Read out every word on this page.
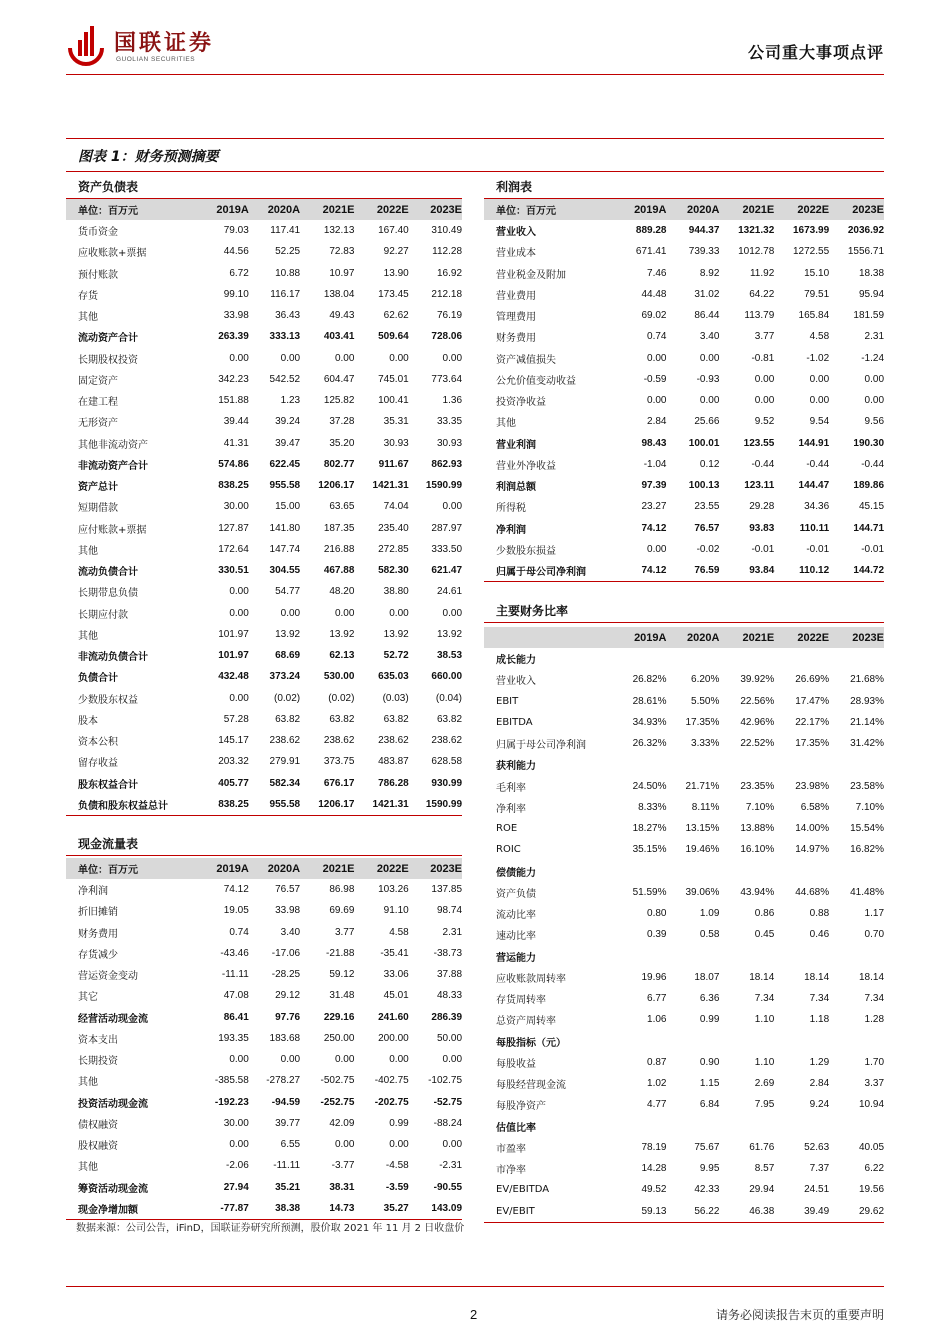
国联证券
GUOLIAN SECURITIES	公司重大事项点评
图表 1：财务预测摘要
资产负债表
单位：百万元	2019A	2020A	2021E	2022E	2023E
货币资金	79.03	117.41	132.13	167.40	310.49
应收账款+票据	44.56	52.25	72.83	92.27	112.28
预付账款	6.72	10.88	10.97	13.90	16.92
存货	99.10	116.17	138.04	173.45	212.18
其他	33.98	36.43	49.43	62.62	76.19
流动资产合计	263.39	333.13	403.41	509.64	728.06
长期股权投资	0.00	0.00	0.00	0.00	0.00
固定资产	342.23	542.52	604.47	745.01	773.64
在建工程	151.88	1.23	125.82	100.41	1.36
无形资产	39.44	39.24	37.28	35.31	33.35
其他非流动资产	41.31	39.47	35.20	30.93	30.93
非流动资产合计	574.86	622.45	802.77	911.67	862.93
资产总计	838.25	955.58	1206.17	1421.31	1590.99
短期借款	30.00	15.00	63.65	74.04	0.00
应付账款+票据	127.87	141.80	187.35	235.40	287.97
其他	172.64	147.74	216.88	272.85	333.50
流动负债合计	330.51	304.55	467.88	582.30	621.47
长期带息负债	0.00	54.77	48.20	38.80	24.61
长期应付款	0.00	0.00	0.00	0.00	0.00
其他	101.97	13.92	13.92	13.92	13.92
非流动负债合计	101.97	68.69	62.13	52.72	38.53
负债合计	432.48	373.24	530.00	635.03	660.00
少数股东权益	0.00	(0.02)	(0.02)	(0.03)	(0.04)
股本	57.28	63.82	63.82	63.82	63.82
资本公积	145.17	238.62	238.62	238.62	238.62
留存收益	203.32	279.91	373.75	483.87	628.58
股东权益合计	405.77	582.34	676.17	786.28	930.99
负债和股东权益总计	838.25	955.58	1206.17	1421.31	1590.99
现金流量表
单位：百万元	2019A	2020A	2021E	2022E	2023E
净利润	74.12	76.57	86.98	103.26	137.85
折旧摊销	19.05	33.98	69.69	91.10	98.74
财务费用	0.74	3.40	3.77	4.58	2.31
存货减少	-43.46	-17.06	-21.88	-35.41	-38.73
营运资金变动	-11.11	-28.25	59.12	33.06	37.88
其它	47.08	29.12	31.48	45.01	48.33
经营活动现金流	86.41	97.76	229.16	241.60	286.39
资本支出	193.35	183.68	250.00	200.00	50.00
长期投资	0.00	0.00	0.00	0.00	0.00
其他	-385.58	-278.27	-502.75	-402.75	-102.75
投资活动现金流	-192.23	-94.59	-252.75	-202.75	-52.75
债权融资	30.00	39.77	42.09	0.99	-88.24
股权融资	0.00	6.55	0.00	0.00	0.00
其他	-2.06	-11.11	-3.77	-4.58	-2.31
筹资活动现金流	27.94	35.21	38.31	-3.59	-90.55
现金净增加额	-77.87	38.38	14.73	35.27	143.09
利润表
单位：百万元	2019A	2020A	2021E	2022E	2023E
营业收入	889.28	944.37	1321.32	1673.99	2036.92
营业成本	671.41	739.33	1012.78	1272.55	1556.71
营业税金及附加	7.46	8.92	11.92	15.10	18.38
营业费用	44.48	31.02	64.22	79.51	95.94
管理费用	69.02	86.44	113.79	165.84	181.59
财务费用	0.74	3.40	3.77	4.58	2.31
资产减值损失	0.00	0.00	-0.81	-1.02	-1.24
公允价值变动收益	-0.59	-0.93	0.00	0.00	0.00
投资净收益	0.00	0.00	0.00	0.00	0.00
其他	2.84	25.66	9.52	9.54	9.56
营业利润	98.43	100.01	123.55	144.91	190.30
营业外净收益	-1.04	0.12	-0.44	-0.44	-0.44
利润总额	97.39	100.13	123.11	144.47	189.86
所得税	23.27	23.55	29.28	34.36	45.15
净利润	74.12	76.57	93.83	110.11	144.71
少数股东损益	0.00	-0.02	-0.01	-0.01	-0.01
归属于母公司净利润	74.12	76.59	93.84	110.12	144.72
主要财务比率
2019A	2020A	2021E	2022E	2023E
成长能力
营业收入	26.82%	6.20%	39.92%	26.69%	21.68%
EBIT	28.61%	5.50%	22.56%	17.47%	28.93%
EBITDA	34.93%	17.35%	42.96%	22.17%	21.14%
归属于母公司净利润	26.32%	3.33%	22.52%	17.35%	31.42%
获利能力
毛利率	24.50%	21.71%	23.35%	23.98%	23.58%
净利率	8.33%	8.11%	7.10%	6.58%	7.10%
ROE	18.27%	13.15%	13.88%	14.00%	15.54%
ROIC	35.15%	19.46%	16.10%	14.97%	16.82%
偿债能力
资产负债	51.59%	39.06%	43.94%	44.68%	41.48%
流动比率	0.80	1.09	0.86	0.88	1.17
速动比率	0.39	0.58	0.45	0.46	0.70
营运能力
应收账款周转率	19.96	18.07	18.14	18.14	18.14
存货周转率	6.77	6.36	7.34	7.34	7.34
总资产周转率	1.06	0.99	1.10	1.18	1.28
每股指标（元）
每股收益	0.87	0.90	1.10	1.29	1.70
每股经营现金流	1.02	1.15	2.69	2.84	3.37
每股净资产	4.77	6.84	7.95	9.24	10.94
估值比率
市盈率	78.19	75.67	61.76	52.63	40.05
市净率	14.28	9.95	8.57	7.37	6.22
EV/EBITDA	49.52	42.33	29.94	24.51	19.56
EV/EBIT	59.13	56.22	46.38	39.49	29.62
数据来源：公司公告，iFinD，国联证券研究所预测，股价取 2021 年 11 月 2 日收盘价
2	请务必阅读报告末页的重要声明
